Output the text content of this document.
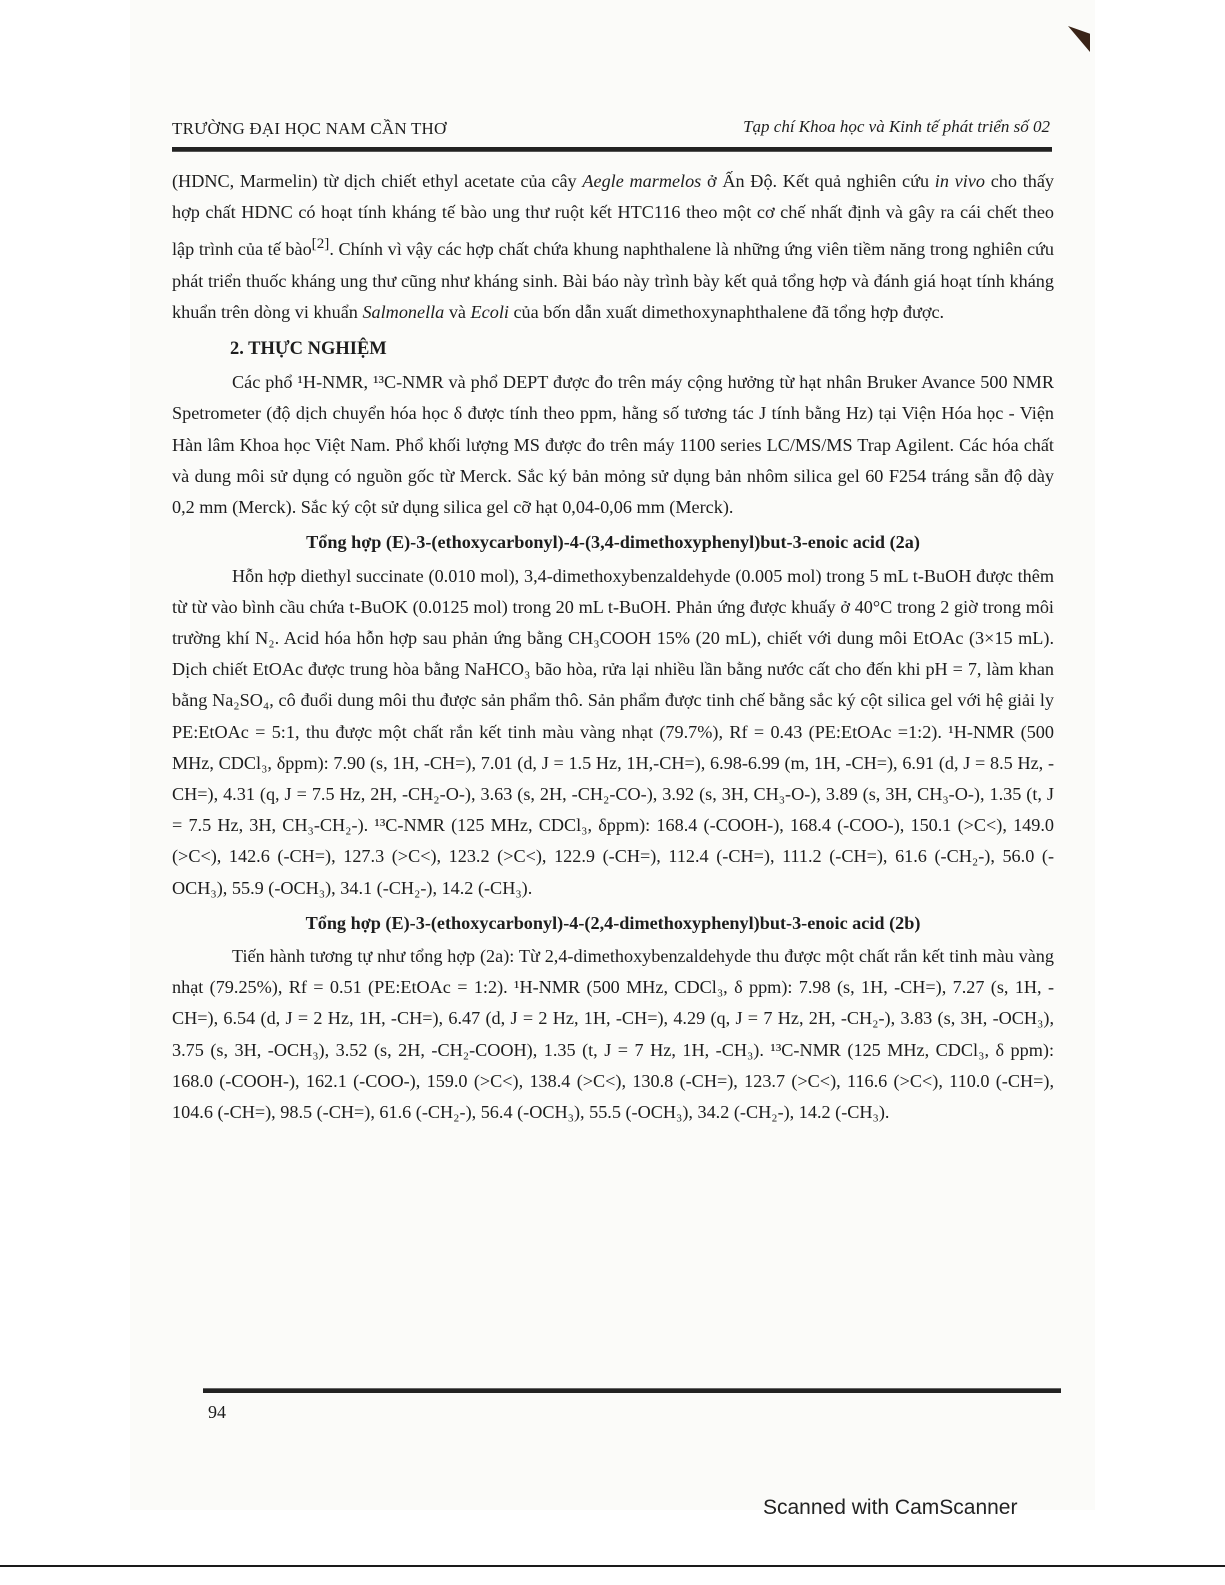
TRƯỜNG ĐẠI HỌC NAM CẦN THƠ	Tạp chí Khoa học và Kinh tế phát triển số 02

(HDNC, Marmelin) từ dịch chiết ethyl acetate của cây Aegle marmelos ở Ấn Độ. Kết quả nghiên cứu in vivo cho thấy hợp chất HDNC có hoạt tính kháng tế bào ung thư ruột kết HTC116 theo một cơ chế nhất định và gây ra cái chết theo lập trình của tế bào[2]. Chính vì vậy các hợp chất chứa khung naphthalene là những ứng viên tiềm năng trong nghiên cứu phát triển thuốc kháng ung thư cũng như kháng sinh. Bài báo này trình bày kết quả tổng hợp và đánh giá hoạt tính kháng khuẩn trên dòng vi khuẩn Salmonella và Ecoli của bốn dẫn xuất dimethoxynaphthalene đã tổng hợp được.

2. THỰC NGHIỆM

Các phổ ¹H-NMR, ¹³C-NMR và phổ DEPT được đo trên máy cộng hưởng từ hạt nhân Bruker Avance 500 NMR Spetrometer (độ dịch chuyển hóa học δ được tính theo ppm, hằng số tương tác J tính bằng Hz) tại Viện Hóa học - Viện Hàn lâm Khoa học Việt Nam. Phổ khối lượng MS được đo trên máy 1100 series LC/MS/MS Trap Agilent. Các hóa chất và dung môi sử dụng có nguồn gốc từ Merck. Sắc ký bản mỏng sử dụng bản nhôm silica gel 60 F254 tráng sẵn độ dày 0,2 mm (Merck). Sắc ký cột sử dụng silica gel cỡ hạt 0,04-0,06 mm (Merck).

Tổng hợp (E)-3-(ethoxycarbonyl)-4-(3,4-dimethoxyphenyl)but-3-enoic acid (2a)

Hỗn hợp diethyl succinate (0.010 mol), 3,4-dimethoxybenzaldehyde (0.005 mol) trong 5 mL t-BuOH được thêm từ từ vào bình cầu chứa t-BuOK (0.0125 mol) trong 20 mL t-BuOH. Phản ứng được khuấy ở 40°C trong 2 giờ trong môi trường khí N₂. Acid hóa hỗn hợp sau phản ứng bằng CH₃COOH 15% (20 mL), chiết với dung môi EtOAc (3×15 mL). Dịch chiết EtOAc được trung hòa bằng NaHCO₃ bão hòa, rửa lại nhiều lần bằng nước cất cho đến khi pH = 7, làm khan bằng Na₂SO₄, cô đuổi dung môi thu được sản phẩm thô. Sản phẩm được tinh chế bằng sắc ký cột silica gel với hệ giải ly PE:EtOAc = 5:1, thu được một chất rắn kết tinh màu vàng nhạt (79.7%), Rf = 0.43 (PE:EtOAc =1:2). ¹H-NMR (500 MHz, CDCl₃, δppm): 7.90 (s, 1H, -CH=), 7.01 (d, J = 1.5 Hz, 1H,-CH=), 6.98-6.99 (m, 1H, -CH=), 6.91 (d, J = 8.5 Hz, -CH=), 4.31 (q, J = 7.5 Hz, 2H, -CH₂-O-), 3.63 (s, 2H, -CH₂-CO-), 3.92 (s, 3H, CH₃-O-), 3.89 (s, 3H, CH₃-O-), 1.35 (t, J = 7.5 Hz, 3H, CH₃-CH₂-). ¹³C-NMR (125 MHz, CDCl₃, δppm): 168.4 (-COOH-), 168.4 (-COO-), 150.1 (>C<), 149.0 (>C<), 142.6 (-CH=), 127.3 (>C<), 123.2 (>C<), 122.9 (-CH=), 112.4 (-CH=), 111.2 (-CH=), 61.6 (-CH₂-), 56.0 (-OCH₃), 55.9 (-OCH₃), 34.1 (-CH₂-), 14.2 (-CH₃).

Tổng hợp (E)-3-(ethoxycarbonyl)-4-(2,4-dimethoxyphenyl)but-3-enoic acid (2b)

Tiến hành tương tự như tổng hợp (2a): Từ 2,4-dimethoxybenzaldehyde thu được một chất rắn kết tinh màu vàng nhạt (79.25%), Rf = 0.51 (PE:EtOAc = 1:2). ¹H-NMR (500 MHz, CDCl₃, δ ppm): 7.98 (s, 1H, -CH=), 7.27 (s, 1H, -CH=), 6.54 (d, J = 2 Hz, 1H, -CH=), 6.47 (d, J = 2 Hz, 1H, -CH=), 4.29 (q, J = 7 Hz, 2H, -CH₂-), 3.83 (s, 3H, -OCH₃), 3.75 (s, 3H, -OCH₃), 3.52 (s, 2H, -CH₂-COOH), 1.35 (t, J = 7 Hz, 1H, -CH₃). ¹³C-NMR (125 MHz, CDCl₃, δ ppm): 168.0 (-COOH-), 162.1 (-COO-), 159.0 (>C<), 138.4 (>C<), 130.8 (-CH=), 123.7 (>C<), 116.6 (>C<), 110.0 (-CH=), 104.6 (-CH=), 98.5 (-CH=), 61.6 (-CH₂-), 56.4 (-OCH₃), 55.5 (-OCH₃), 34.2 (-CH₂-), 14.2 (-CH₃).

94
Scanned with CamScanner
